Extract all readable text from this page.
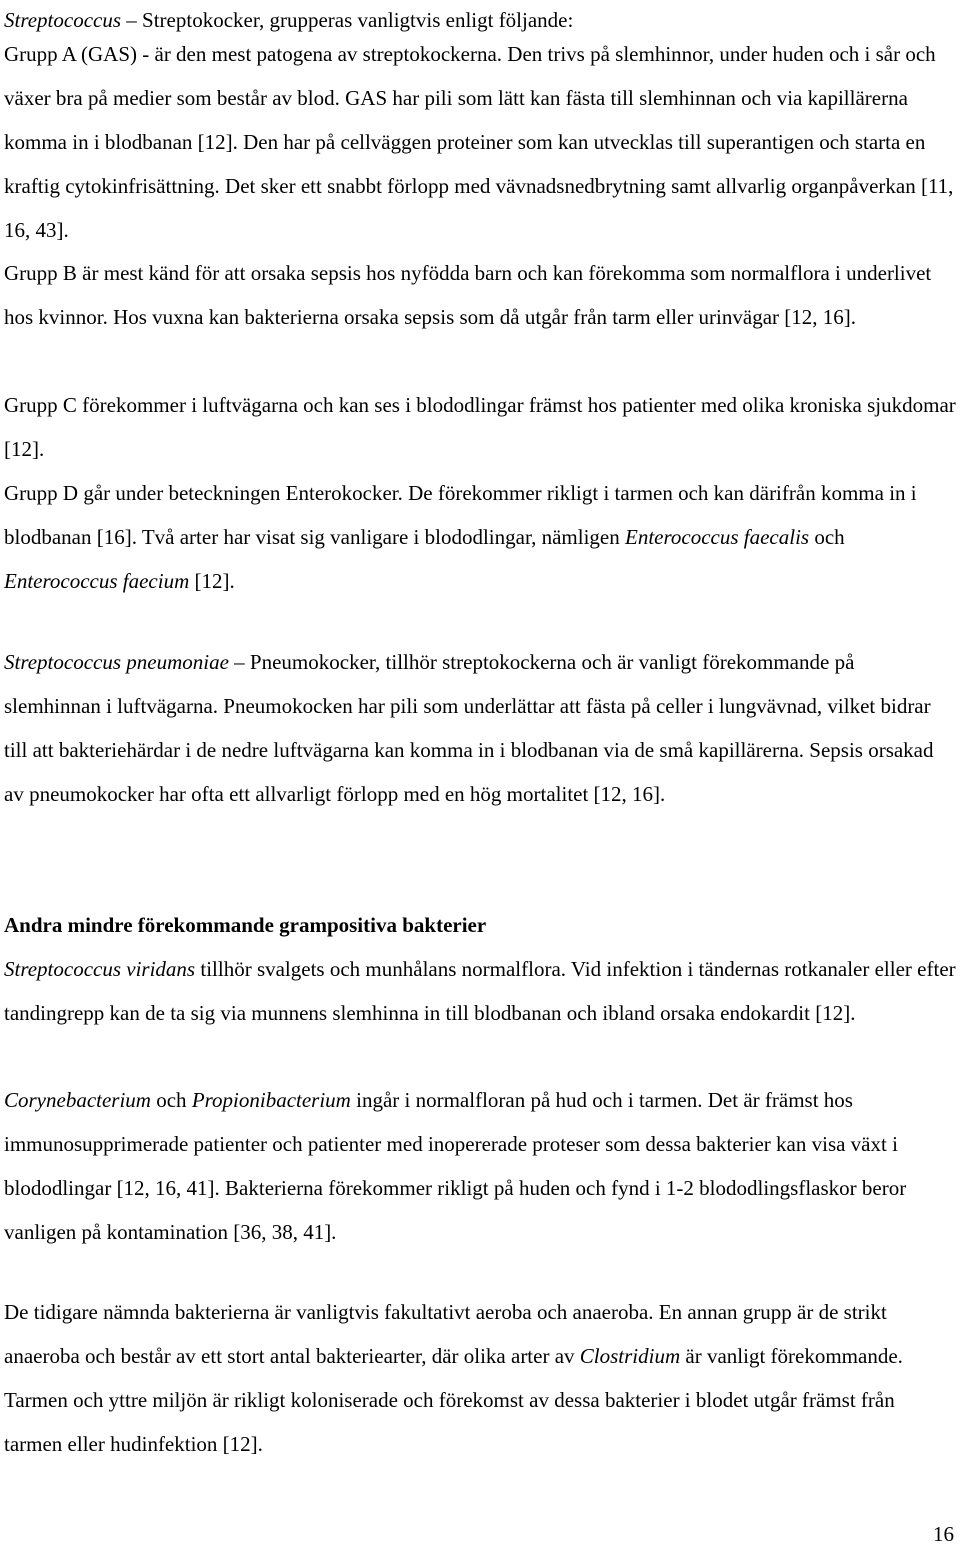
Streptococcus – Streptokocker, grupperas vanligtvis enligt följande:

Grupp A (GAS) - är den mest patogena av streptokockerna. Den trivs på slemhinnor, under huden och i sår och växer bra på medier som består av blod. GAS har pili som lätt kan fästa till slemhinnan och via kapillärerna komma in i blodbanan [12]. Den har på cellväggen proteiner som kan utvecklas till superantigen och starta en kraftig cytokinfrisättning. Det sker ett snabbt förlopp med vävnadsnedbrytning samt allvarlig organpåverkan [11, 16, 43].

Grupp B är mest känd för att orsaka sepsis hos nyfödda barn och kan förekomma som normalflora i underlivet hos kvinnor. Hos vuxna kan bakterierna orsaka sepsis som då utgår från tarm eller urinvägar [12, 16].

Grupp C förekommer i luftvägarna och kan ses i blododlingar främst hos patienter med olika kroniska sjukdomar [12].

Grupp D går under beteckningen Enterokocker. De förekommer rikligt i tarmen och kan därifrån komma in i blodbanan [16]. Två arter har visat sig vanligare i blododlingar, nämligen Enterococcus faecalis och Enterococcus faecium [12].

Streptococcus pneumoniae – Pneumokocker, tillhör streptokockerna och är vanligt förekommande på slemhinnan i luftvägarna. Pneumokocken har pili som underlättar att fästa på celler i lungvävnad, vilket bidrar till att bakteriehärdar i de nedre luftvägarna kan komma in i blodbanan via de små kapillärerna. Sepsis orsakad av pneumokocker har ofta ett allvarligt förlopp med en hög mortalitet [12, 16].

Andra mindre förekommande grampositiva bakterier

Streptococcus viridans tillhör svalgets och munhålans normalflora. Vid infektion i tändernas rotkanaler eller efter tandingrepp kan de ta sig via munnens slemhinna in till blodbanan och ibland orsaka endokardit [12].

Corynebacterium och Propionibacterium ingår i normalfloran på hud och i tarmen. Det är främst hos immunosupprimerade patienter och patienter med inopererade proteser som dessa bakterier kan visa växt i blododlingar [12, 16, 41]. Bakterierna förekommer rikligt på huden och fynd i 1-2 blododlingsflaskor beror vanligen på kontamination [36, 38, 41].

De tidigare nämnda bakterierna är vanligtvis fakultativt aeroba och anaeroba. En annan grupp är de strikt anaeroba och består av ett stort antal bakteriearter, där olika arter av Clostridium är vanligt förekommande. Tarmen och yttre miljön är rikligt koloniserade och förekomst av dessa bakterier i blodet utgår främst från tarmen eller hudinfektion [12].

16
